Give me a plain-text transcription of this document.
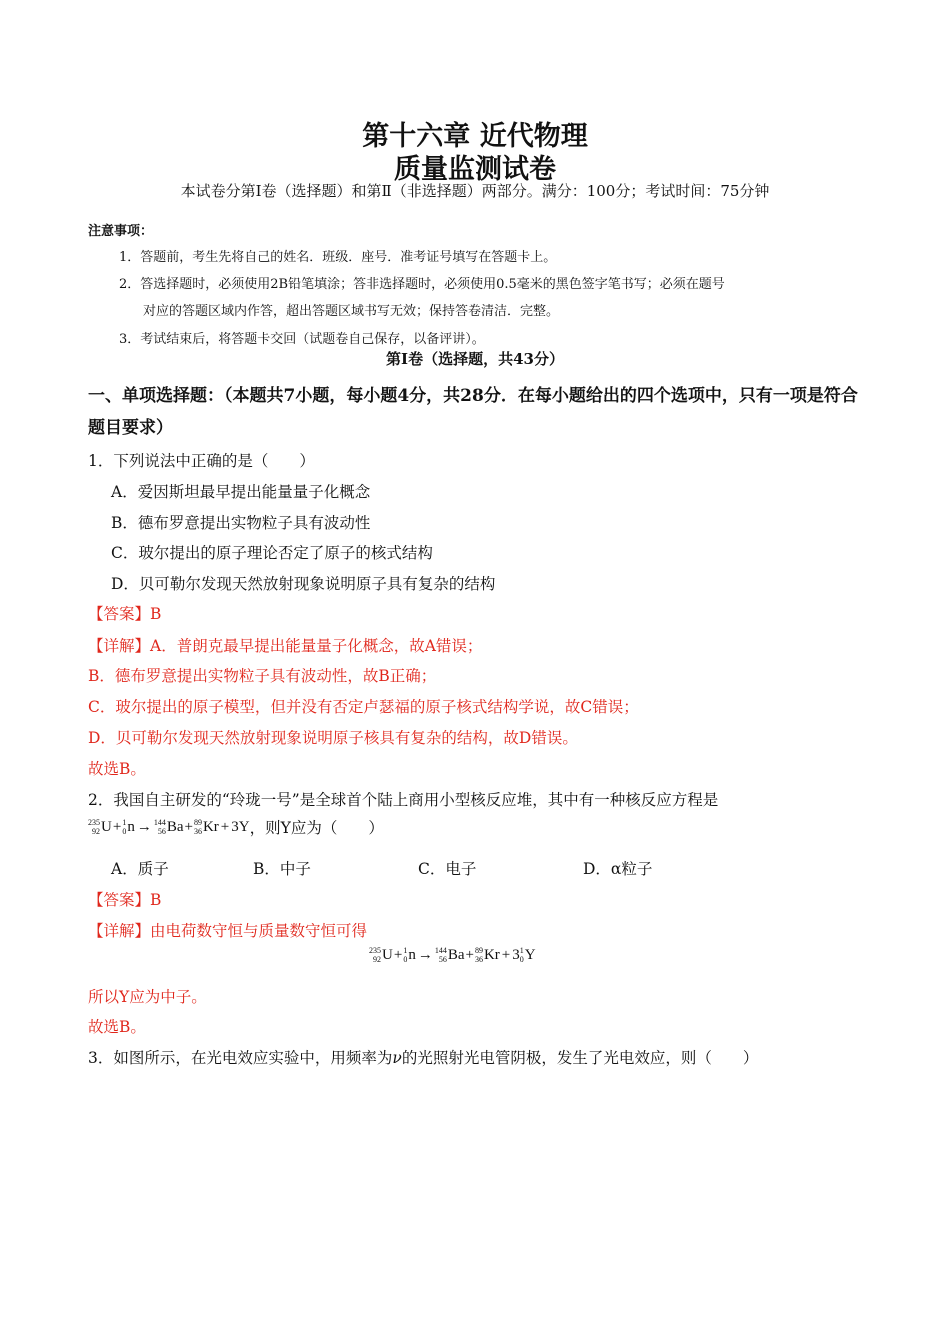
第十六章 近代物理
质量监测试卷
本试卷分第Ⅰ卷（选择题）和第Ⅱ（非选择题）两部分。满分：100分；考试时间：75分钟
注意事项：
1．答题前，考生先将自己的姓名．班级．座号．准考证号填写在答题卡上。
2．答选择题时，必须使用2B铅笔填涂；答非选择题时，必须使用0.5毫米的黑色签字笔书写；必须在题号
对应的答题区域内作答，超出答题区域书写无效；保持答卷清洁．完整。
3．考试结束后，将答题卡交回（试题卷自己保存，以备评讲）。
第Ⅰ卷（选择题，共43分）
一、单项选择题：（本题共7小题，每小题4分，共28分．在每小题给出的四个选项中，只有一项是符合题目要求）
1．下列说法中正确的是（　　）
A．爱因斯坦最早提出能量量子化概念
B．德布罗意提出实物粒子具有波动性
C．玻尔提出的原子理论否定了原子的核式结构
D．贝可勒尔发现天然放射现象说明原子具有复杂的结构
【答案】B
【详解】A．普朗克最早提出能量量子化概念，故A错误；
B．德布罗意提出实物粒子具有波动性，故B正确；
C．玻尔提出的原子模型，但并没有否定卢瑟福的原子核式结构学说，故C错误；
D．贝可勒尔发现天然放射现象说明原子核具有复杂的结构，故D错误。
故选B。
2．我国自主研发的“玲珑一号”是全球首个陆上商用小型核反应堆，其中有一种核反应方程是
235
92 U + 1
0 n → 144
56 Ba + 89
36 Kr + 3Y ，则Y应为（　　）
A．质子	B．中子	C．电子	D．α粒子
【答案】B
【详解】由电荷数守恒与质量数守恒可得
235
92 U + 1
0 n → 144
56 Ba + 89
36 Kr + 3 1
0 Y
所以Y应为中子。
故选B。
3．如图所示，在光电效应实验中，用频率为ν的光照射光电管阴极，发生了光电效应，则（　　）
